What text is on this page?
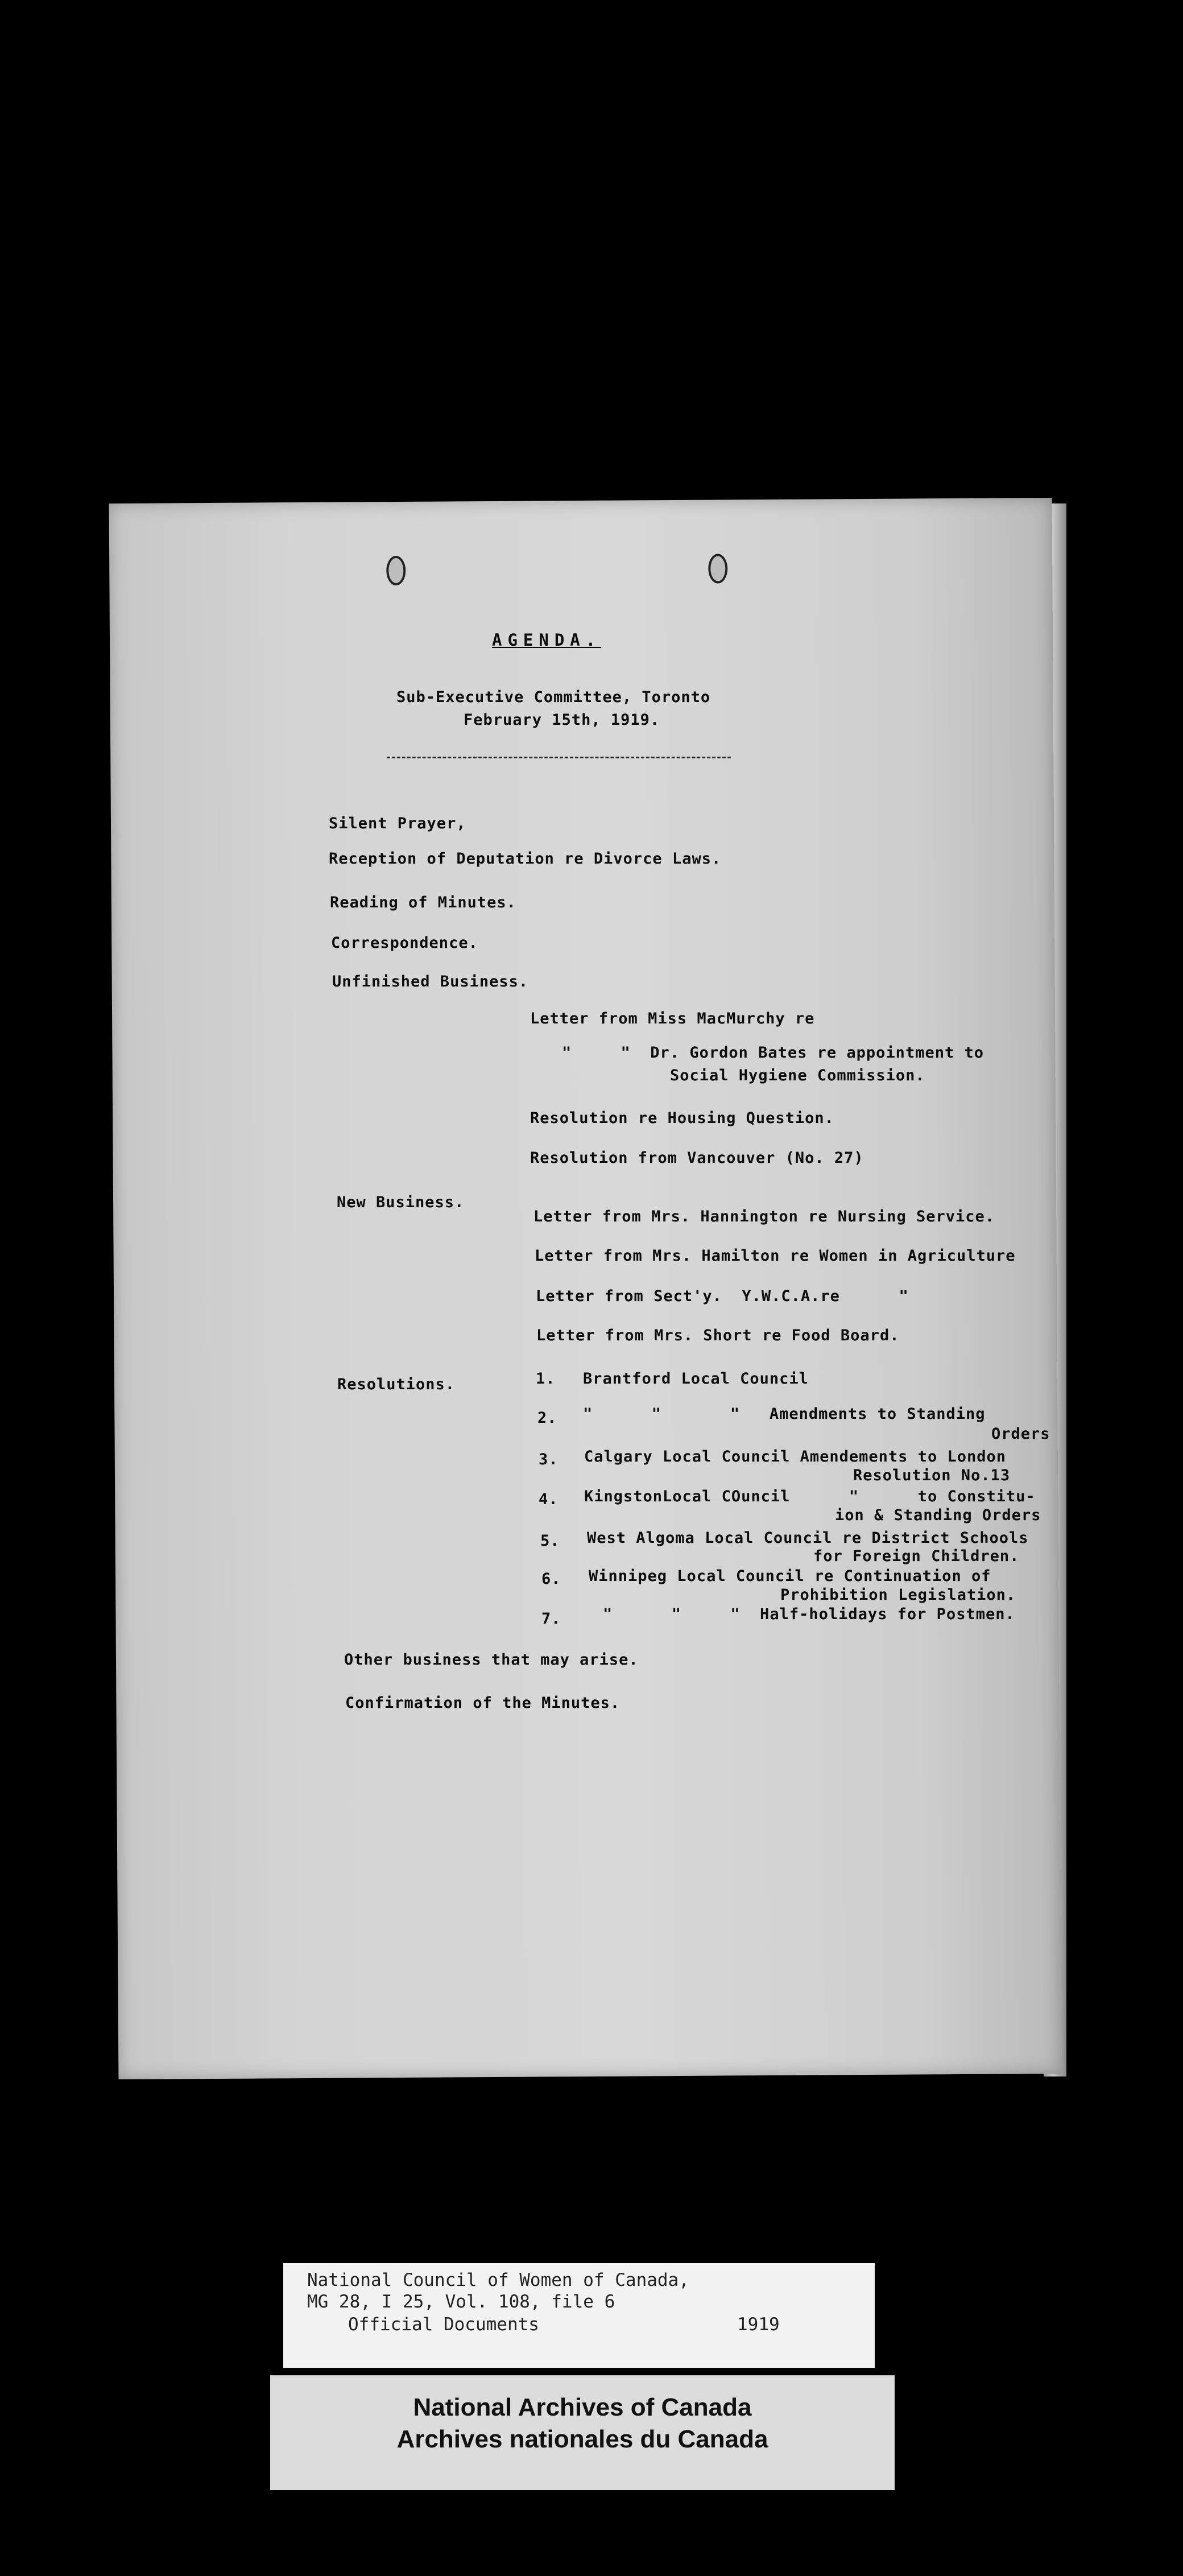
AGENDA.
Sub-Executive Committee, Toronto
February 15th, 1919.
Silent Prayer,
Reception of Deputation re Divorce Laws.
Reading of Minutes.
Correspondence.
Unfinished Business.
Letter from Miss MacMurchy re
"     "  Dr. Gordon Bates re appointment to
Social Hygiene Commission.
Resolution re Housing Question.
Resolution from Vancouver (No. 27)
New Business.
Letter from Mrs. Hannington re Nursing Service.
Letter from Mrs. Hamilton re Women in Agriculture
Letter from Sect'y.  Y.W.C.A.re      "
Letter from Mrs. Short re Food Board.
Resolutions.	1. Brantford Local Council
2. "      "       "   Amendments to Standing
Orders
3. Calgary Local Council Amendements to London
Resolution No.13
4. KingstonLocal COuncil      "      to Constitu-
ion & Standing Orders
5. West Algoma Local Council re District Schools
for Foreign Children.
6. Winnipeg Local Council re Continuation of
Prohibition Legislation.
7.	"      "     "  Half-holidays for Postmen.
Other business that may arise.
Confirmation of the Minutes.
National Council of Women of Canada,
MG 28, I 25, Vol. 108, file 6
Official Documents	1919
National Archives of Canada
Archives nationales du Canada
